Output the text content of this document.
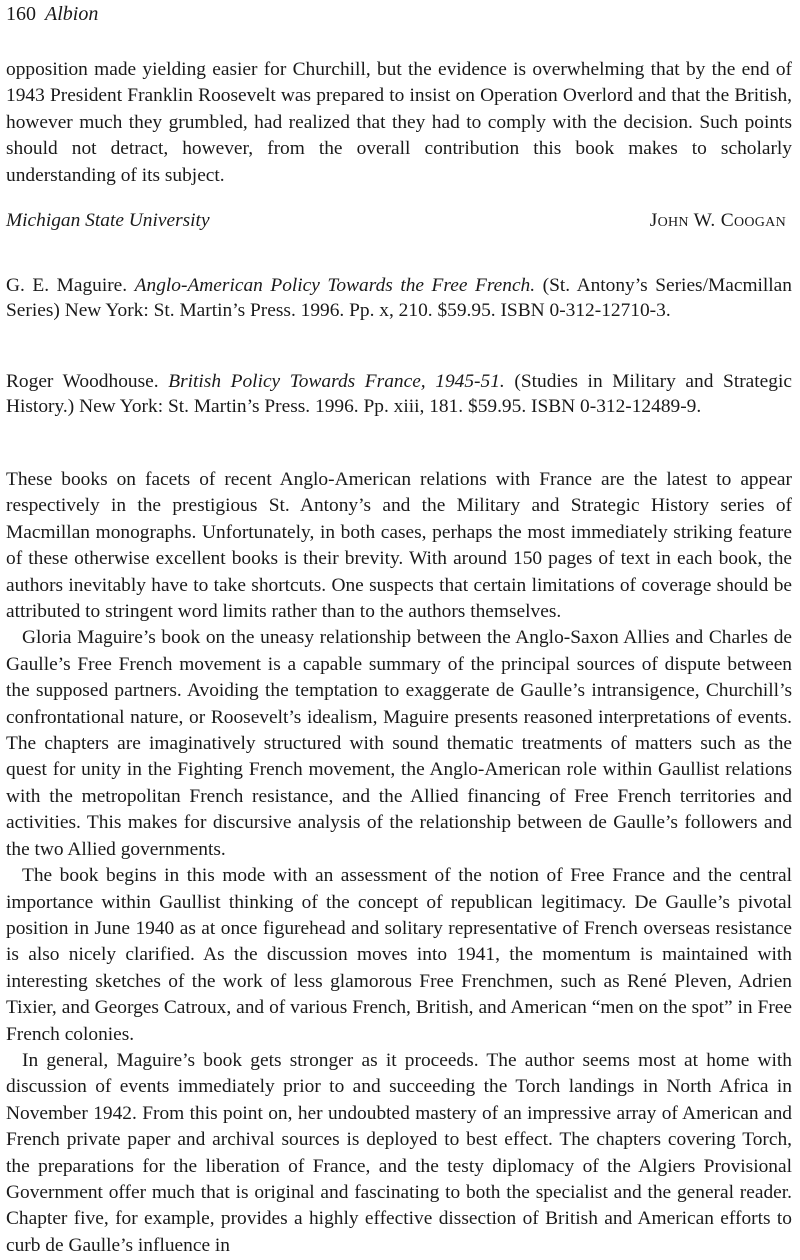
160 Albion

opposition made yielding easier for Churchill, but the evidence is overwhelming that by the end of 1943 President Franklin Roosevelt was prepared to insist on Operation Overlord and that the British, however much they grumbled, had realized that they had to comply with the decision. Such points should not detract, however, from the overall contribution this book makes to scholarly understanding of its subject.

Michigan State University	John W. Coogan

G. E. Maguire. Anglo-American Policy Towards the Free French. (St. Antony’s Series/Macmillan Series) New York: St. Martin’s Press. 1996. Pp. x, 210. $59.95. ISBN 0-312-12710-3.

Roger Woodhouse. British Policy Towards France, 1945-51. (Studies in Military and Strategic History.) New York: St. Martin’s Press. 1996. Pp. xiii, 181. $59.95. ISBN 0-312-12489-9.

These books on facets of recent Anglo-American relations with France are the latest to appear respectively in the prestigious St. Antony’s and the Military and Strategic History series of Macmillan monographs. Unfortunately, in both cases, perhaps the most immediately striking feature of these otherwise excellent books is their brevity. With around 150 pages of text in each book, the authors inevitably have to take shortcuts. One suspects that certain limitations of coverage should be attributed to stringent word limits rather than to the authors themselves.

Gloria Maguire’s book on the uneasy relationship between the Anglo-Saxon Allies and Charles de Gaulle’s Free French movement is a capable summary of the principal sources of dispute between the supposed partners. Avoiding the temptation to exaggerate de Gaulle’s intransigence, Churchill’s confrontational nature, or Roosevelt’s idealism, Maguire presents reasoned interpretations of events. The chapters are imaginatively structured with sound thematic treatments of matters such as the quest for unity in the Fighting French movement, the Anglo-American role within Gaullist relations with the metropolitan French resistance, and the Allied financing of Free French territories and activities. This makes for discursive analysis of the relationship between de Gaulle’s followers and the two Allied governments.

The book begins in this mode with an assessment of the notion of Free France and the central importance within Gaullist thinking of the concept of republican legitimacy. De Gaulle’s pivotal position in June 1940 as at once figurehead and solitary representative of French overseas resistance is also nicely clarified. As the discussion moves into 1941, the momentum is maintained with interesting sketches of the work of less glamorous Free Frenchmen, such as René Pleven, Adrien Tixier, and Georges Catroux, and of various French, British, and American “men on the spot” in Free French colonies.

In general, Maguire’s book gets stronger as it proceeds. The author seems most at home with discussion of events immediately prior to and succeeding the Torch landings in North Africa in November 1942. From this point on, her undoubted mastery of an impressive array of American and French private paper and archival sources is deployed to best effect. The chapters covering Torch, the preparations for the liberation of France, and the testy diplomacy of the Algiers Provisional Government offer much that is original and fascinating to both the specialist and the general reader. Chapter five, for example, provides a highly effective dissection of British and American efforts to curb de Gaulle’s influence in
